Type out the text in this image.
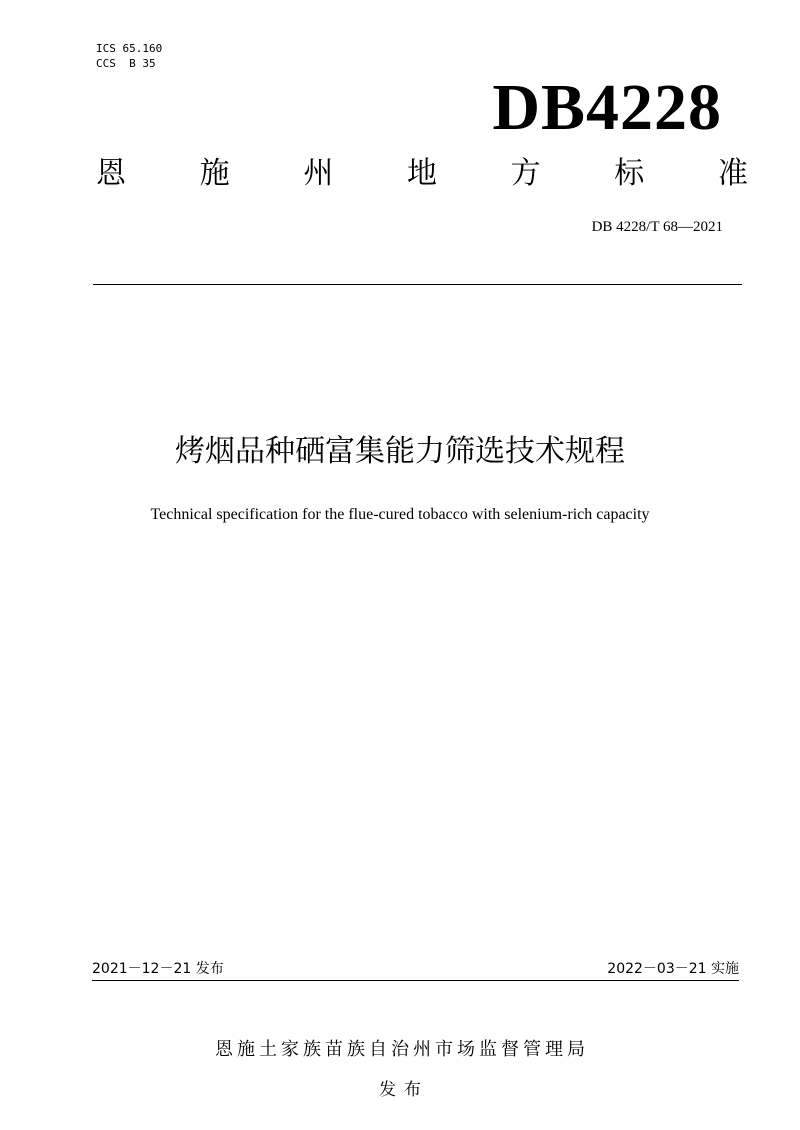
ICS 65.160
CCS  B 35
DB4228
恩 施 州 地 方 标 准
DB 4228/T 68—2021
烤烟品种硒富集能力筛选技术规程
Technical specification for the flue-cured tobacco with selenium-rich capacity
2021－12－21 发布	2022－03－21 实施
恩施土家族苗族自治州市场监督管理局
发布
